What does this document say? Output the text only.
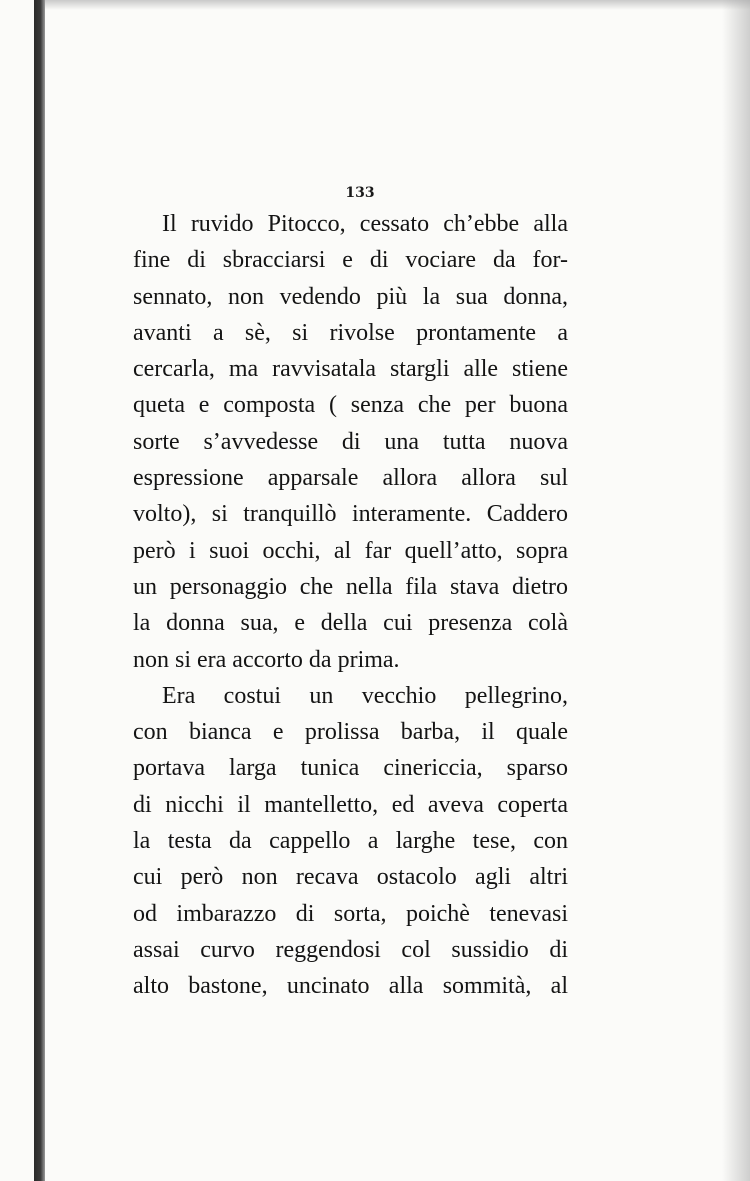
133
Il ruvido Pitocco, cessato ch’ebbe alla
fine di sbracciarsi e di vociare da for-
sennato, non vedendo più la sua donna,
avanti a sè, si rivolse prontamente a
cercarla, ma ravvisatala stargli alle stiene
queta e composta ( senza che per buona
sorte s’avvedesse di una tutta nuova
espressione apparsale allora allora sul
volto), si tranquillò interamente. Caddero
però i suoi occhi, al far quell’atto, sopra
un personaggio che nella fila stava dietro
la donna sua, e della cui presenza colà
non si era accorto da prima.
Era costui un vecchio pellegrino,
con bianca e prolissa barba, il quale
portava larga tunica cinericcia, sparso
di nicchi il mantelletto, ed aveva coperta
la testa da cappello a larghe tese, con
cui però non recava ostacolo agli altri
od imbarazzo di sorta, poichè tenevasi
assai curvo reggendosi col sussidio di
alto bastone, uncinato alla sommità, al
